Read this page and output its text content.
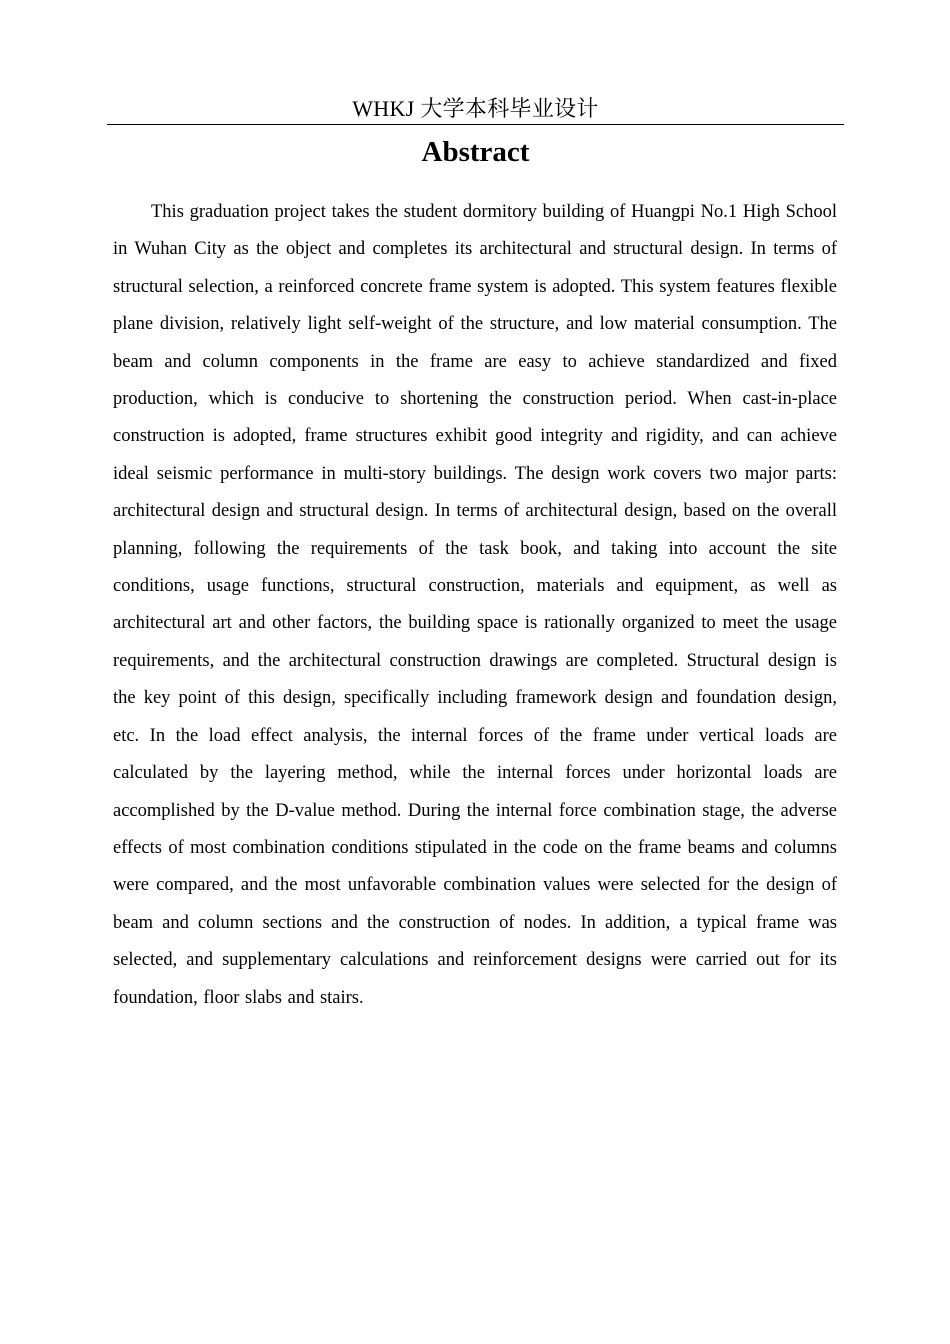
WHKJ 大学本科毕业设计
Abstract

This graduation project takes the student dormitory building of Huangpi No.1 High School in Wuhan City as the object and completes its architectural and structural design. In terms of structural selection, a reinforced concrete frame system is adopted. This system features flexible plane division, relatively light self-weight of the structure, and low material consumption. The beam and column components in the frame are easy to achieve standardized and fixed production, which is conducive to shortening the construction period. When cast-in-place construction is adopted, frame structures exhibit good integrity and rigidity, and can achieve ideal seismic performance in multi-story buildings. The design work covers two major parts: architectural design and structural design. In terms of architectural design, based on the overall planning, following the requirements of the task book, and taking into account the site conditions, usage functions, structural construction, materials and equipment, as well as architectural art and other factors, the building space is rationally organized to meet the usage requirements, and the architectural construction drawings are completed. Structural design is the key point of this design, specifically including framework design and foundation design, etc. In the load effect analysis, the internal forces of the frame under vertical loads are calculated by the layering method, while the internal forces under horizontal loads are accomplished by the D-value method. During the internal force combination stage, the adverse effects of most combination conditions stipulated in the code on the frame beams and columns were compared, and the most unfavorable combination values were selected for the design of beam and column sections and the construction of nodes. In addition, a typical frame was selected, and supplementary calculations and reinforcement designs were carried out for its foundation, floor slabs and stairs.
